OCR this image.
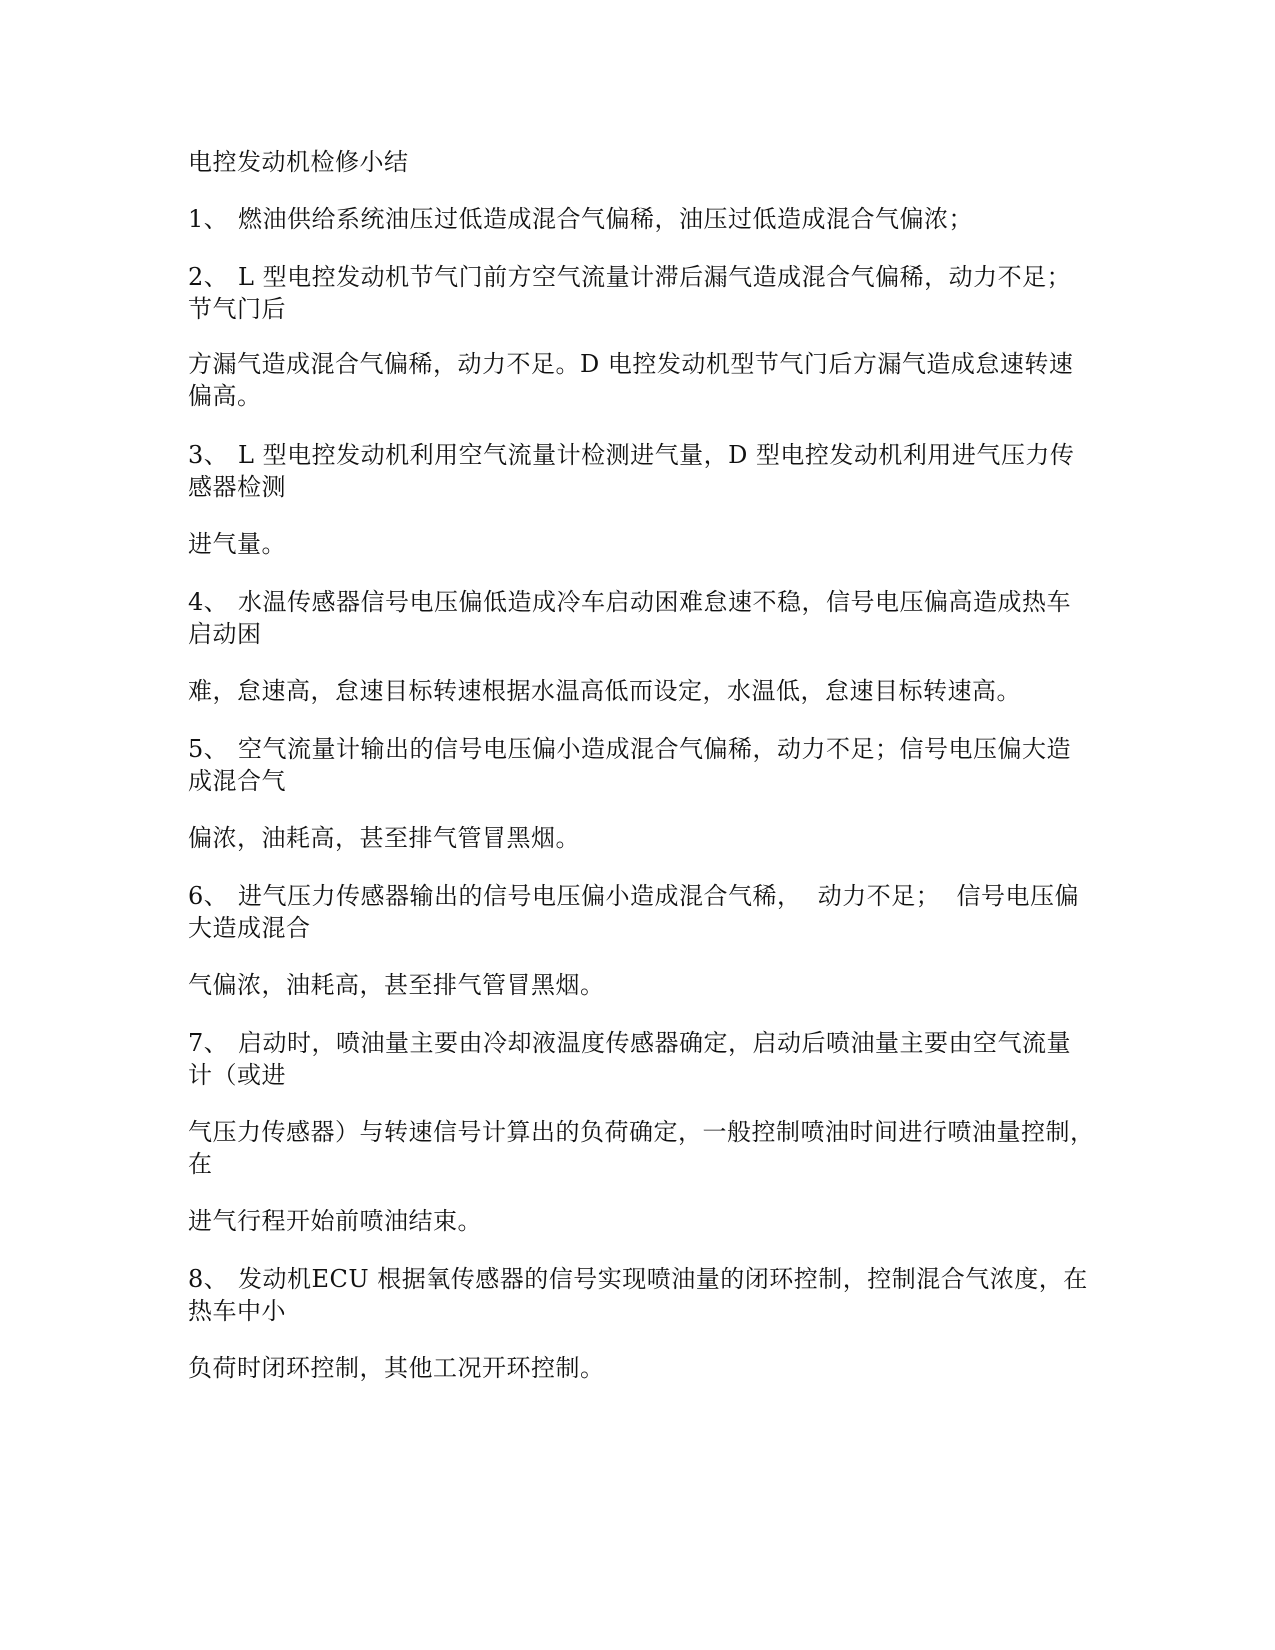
电控发动机检修小结
1、 燃油供给系统油压过低造成混合气偏稀，油压过低造成混合气偏浓；
2、 L 型电控发动机节气门前方空气流量计滞后漏气造成混合气偏稀，动力不足；
节气门后
方漏气造成混合气偏稀，动力不足。D 电控发动机型节气门后方漏气造成怠速转速
偏高。
3、 L 型电控发动机利用空气流量计检测进气量，D 型电控发动机利用进气压力传
感器检测
进气量。
4、 水温传感器信号电压偏低造成冷车启动困难怠速不稳，信号电压偏高造成热车
启动困
难，怠速高，怠速目标转速根据水温高低而设定，水温低，怠速目标转速高。
5、 空气流量计输出的信号电压偏小造成混合气偏稀，动力不足；信号电压偏大造
成混合气
偏浓，油耗高，甚至排气管冒黑烟。
6、 进气压力传感器输出的信号电压偏小造成混合气稀，  动力不足；  信号电压偏
大造成混合
气偏浓，油耗高，甚至排气管冒黑烟。
7、 启动时，喷油量主要由冷却液温度传感器确定，启动后喷油量主要由空气流量
计（或进
气压力传感器）与转速信号计算出的负荷确定，一般控制喷油时间进行喷油量控制，
在
进气行程开始前喷油结束。
8、 发动机ECU 根据氧传感器的信号实现喷油量的闭环控制，控制混合气浓度，在
热车中小
负荷时闭环控制，其他工况开环控制。
